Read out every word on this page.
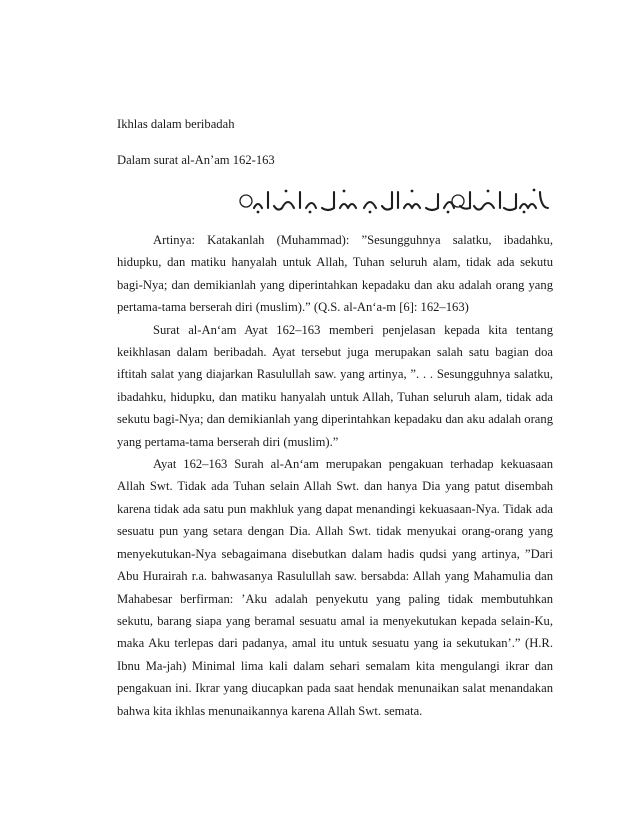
Ikhlas dalam beribadah
Dalam surat al-An’am 162-163

Artinya: Katakanlah (Muhammad): ”Sesungguhnya salatku, ibadahku, hidupku, dan matiku hanyalah untuk Allah, Tuhan seluruh alam, tidak ada sekutu bagi-Nya; dan demikianlah yang diperintahkan kepadaku dan aku adalah orang yang pertama-tama berserah diri (muslim).” (Q.S. al-An‘a-m [6]: 162–163)

Surat al-An‘am Ayat 162–163 memberi penjelasan kepada kita tentang keikhlasan dalam beribadah. Ayat tersebut juga merupakan salah satu bagian doa iftitah salat yang diajarkan Rasulullah saw. yang artinya, ”. . . Sesungguhnya salatku, ibadahku, hidupku, dan matiku hanyalah untuk Allah, Tuhan seluruh alam, tidak ada sekutu bagi-Nya; dan demikianlah yang diperintahkan kepadaku dan aku adalah orang yang pertama-tama berserah diri (muslim).”

Ayat 162–163 Surah al-An‘am merupakan pengakuan terhadap kekuasaan Allah Swt. Tidak ada Tuhan selain Allah Swt. dan hanya Dia yang patut disembah karena tidak ada satu pun makhluk yang dapat menandingi kekuasaan-Nya. Tidak ada sesuatu pun yang setara dengan Dia. Allah Swt. tidak menyukai orang-orang yang menyekutukan-Nya sebagaimana disebutkan dalam hadis qudsi yang artinya, ”Dari Abu Hurairah r.a. bahwasanya Rasulullah saw. bersabda: Allah yang Mahamulia dan Mahabesar berfirman: ’Aku adalah penyekutu yang paling tidak membutuhkan sekutu, barang siapa yang beramal sesuatu amal ia menyekutukan kepada selain-Ku, maka Aku terlepas dari padanya, amal itu untuk sesuatu yang ia sekutukan’.” (H.R. Ibnu Ma-jah) Minimal lima kali dalam sehari semalam kita mengulangi ikrar dan pengakuan ini. Ikrar yang diucapkan pada saat hendak menunaikan salat menandakan bahwa kita ikhlas menunaikannya karena Allah Swt. semata.
